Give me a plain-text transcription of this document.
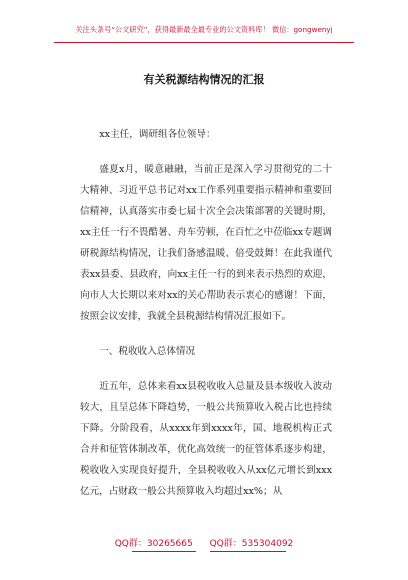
关注头条号“公文研究”，获得最新最全最专业的公文资料库！ 微信：gongwenyj
有关税源结构情况的汇报

xx主任，调研组各位领导：

盛夏x月，暖意融融，当前正是深入学习贯彻党的二十大精神、习近平总书记对xx工作系列重要指示精神和重要回信精神，认真落实市委七届十次全会决策部署的关键时期，xx主任一行不畏酷暑、舟车劳顿，在百忙之中莅临xx专题调研税源结构情况，让我们备感温暖、倍受鼓舞！在此我谨代表xx县委、县政府，向xx主任一行的到来表示热烈的欢迎，向市人大长期以来对xx的关心帮助表示衷心的感谢！下面，按照会议安排，我就全县税源结构情况汇报如下。

一、税收收入总体情况

近五年，总体来看xx县税收收入总量及县本级收入波动较大，且呈总体下降趋势，一般公共预算收入税占比也持续下降。分阶段看，从xxxx年到xxxx年，国、地税机构正式合并和征管体制改革，优化高效统一的征管体系逐步构建，税收收入实现良好提升，全县税收收入从xx亿元增长到xxx亿元，占财政一般公共预算收入均超过xx%；从

QQ群：30265665 QQ群：535304092
